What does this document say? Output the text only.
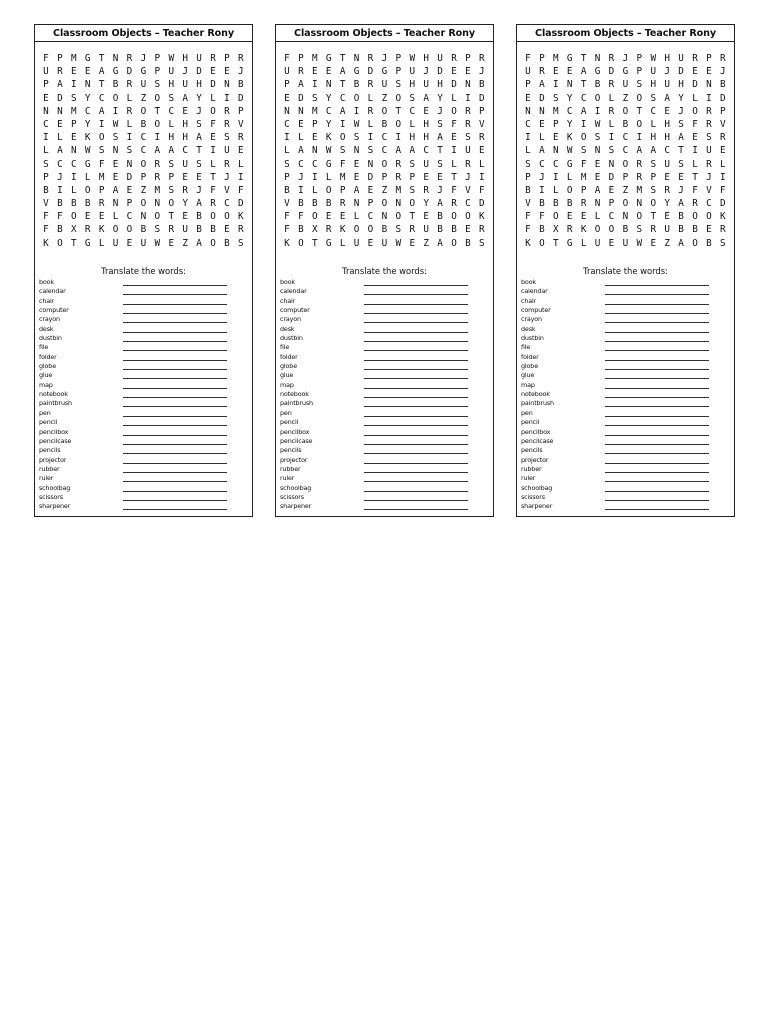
Classroom Objects – Teacher Rony
F P M G T N R J P W H U R P R
U R E E A G D G P U J D E E J
P A I N T B R U S H U H D N B
E D S Y C O L Z O S A Y L I D
N N M C A I R O T C E J O R P
C E P Y I W L B O L H S F R V
I L E K O S I C I H H A E S R
L A N W S N S C A A C T I U E
S C C G F E N O R S U S L R L
P J I L M E D P R P E E T J I
B I L O P A E Z M S R J F V F
V B B B R N P O N O Y A R C D
F F O E E L C N O T E B O O K
F B X R K O O B S R U B B E R
K O T G L U E U W E Z A O B S
Translate the words:
book
calendar
chair
computer
crayon
desk
dustbin
file
folder
globe
glue
map
notebook
paintbrush
pen
pencil
pencilbox
pencilcase
pencils
projector
rubber
ruler
schoolbag
scissors
sharpener
Classroom Objects – Teacher Rony
F P M G T N R J P W H U R P R
U R E E A G D G P U J D E E J
P A I N T B R U S H U H D N B
E D S Y C O L Z O S A Y L I D
N N M C A I R O T C E J O R P
C E P Y I W L B O L H S F R V
I L E K O S I C I H H A E S R
L A N W S N S C A A C T I U E
S C C G F E N O R S U S L R L
P J I L M E D P R P E E T J I
B I L O P A E Z M S R J F V F
V B B B R N P O N O Y A R C D
F F O E E L C N O T E B O O K
F B X R K O O B S R U B B E R
K O T G L U E U W E Z A O B S
Translate the words:
book
calendar
chair
computer
crayon
desk
dustbin
file
folder
globe
glue
map
notebook
paintbrush
pen
pencil
pencilbox
pencilcase
pencils
projector
rubber
ruler
schoolbag
scissors
sharpener
Classroom Objects – Teacher Rony
F P M G T N R J P W H U R P R
U R E E A G D G P U J D E E J
P A I N T B R U S H U H D N B
E D S Y C O L Z O S A Y L I D
N N M C A I R O T C E J O R P
C E P Y I W L B O L H S F R V
I L E K O S I C I H H A E S R
L A N W S N S C A A C T I U E
S C C G F E N O R S U S L R L
P J I L M E D P R P E E T J I
B I L O P A E Z M S R J F V F
V B B B R N P O N O Y A R C D
F F O E E L C N O T E B O O K
F B X R K O O B S R U B B E R
K O T G L U E U W E Z A O B S
Translate the words:
book
calendar
chair
computer
crayon
desk
dustbin
file
folder
globe
glue
map
notebook
paintbrush
pen
pencil
pencilbox
pencilcase
pencils
projector
rubber
ruler
schoolbag
scissors
sharpener
